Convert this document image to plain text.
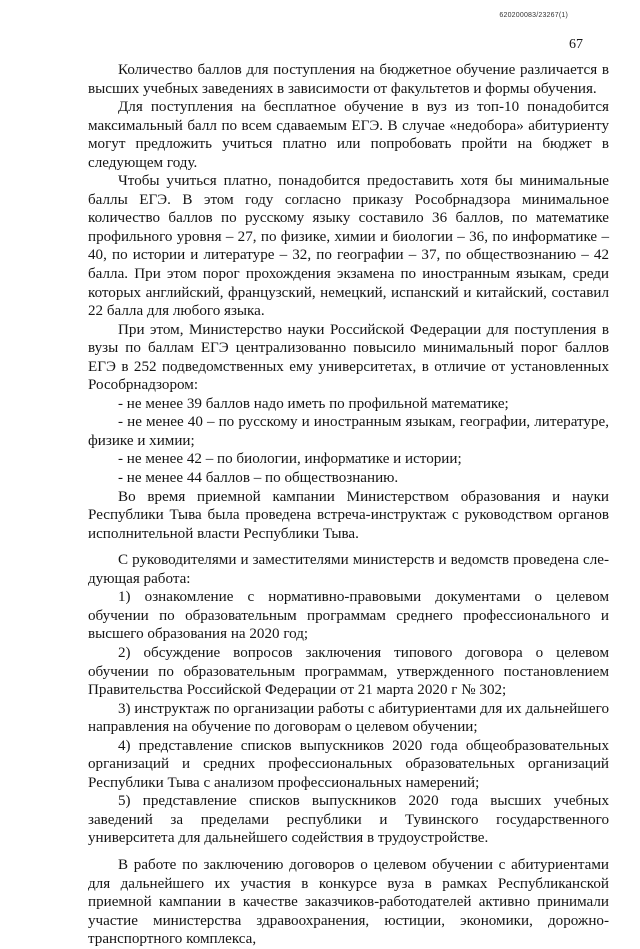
620200083/23267(1)
67

Количество баллов для поступления на бюджетное обучение различается в высших учебных заведениях в зависимости от факультетов и формы обучения.

Для поступления на бесплатное обучение в вуз из топ-10 понадобится максимальный балл по всем сдаваемым ЕГЭ. В случае «недобора» абитуриенту могут предложить учиться платно или попробовать пройти на бюджет в следующем году.

Чтобы учиться платно, понадобится предоставить хотя бы минимальные баллы ЕГЭ. В этом году согласно приказу Рособрнадзора минимальное количество баллов по русскому языку составило 36 баллов, по математике профильного уровня – 27, по физике, химии и биологии – 36, по информатике – 40, по истории и литературе – 32, по географии – 37, по обществознанию – 42 балла. При этом порог прохождения экзамена по иностранным языкам, среди которых английский, французский, немецкий, испанский и китайский, составил 22 балла для любого языка.

При этом, Министерство науки Российской Федерации для поступления в вузы по баллам ЕГЭ централизованно повысило минимальный порог баллов ЕГЭ в 252 подведомственных ему университетах, в отличие от установленных Рособрнадзором:

- не менее 39 баллов надо иметь по профильной математике;

- не менее 40 – по русскому и иностранным языкам, географии, литературе, физике и химии;

- не менее 42 – по биологии, информатике и истории;

- не менее 44 баллов – по обществознанию.

Во время приемной кампании Министерством образования и науки Республики Тыва была проведена встреча-инструктаж с руководством органов исполнительной власти Республики Тыва.

С руководителями и заместителями министерств и ведомств проведена следующая работа:

1) ознакомление с нормативно-правовыми документами о целевом обучении по образовательным программам среднего профессионального и высшего образования на 2020 год;

2) обсуждение вопросов заключения типового договора о целевом обучении по образовательным программам, утвержденного постановлением Правительства Российской Федерации от 21 марта 2020 г № 302;

3) инструктаж по организации работы с абитуриентами для их дальнейшего направления на обучение по договорам о целевом обучении;

4) представление списков выпускников 2020 года общеобразовательных организаций и средних профессиональных образовательных организаций Республики Тыва с анализом профессиональных намерений;

5) представление списков выпускников 2020 года высших учебных заведений за пределами республики и Тувинского государственного университета для дальнейшего содействия в трудоустройстве.

В работе по заключению договоров о целевом обучении с абитуриентами для дальнейшего их участия в конкурсе вуза в рамках Республиканской приемной кампании в качестве заказчиков-работодателей активно принимали участие министерства здравоохранения, юстиции, экономики, дорожно-транспортного комплекса,
